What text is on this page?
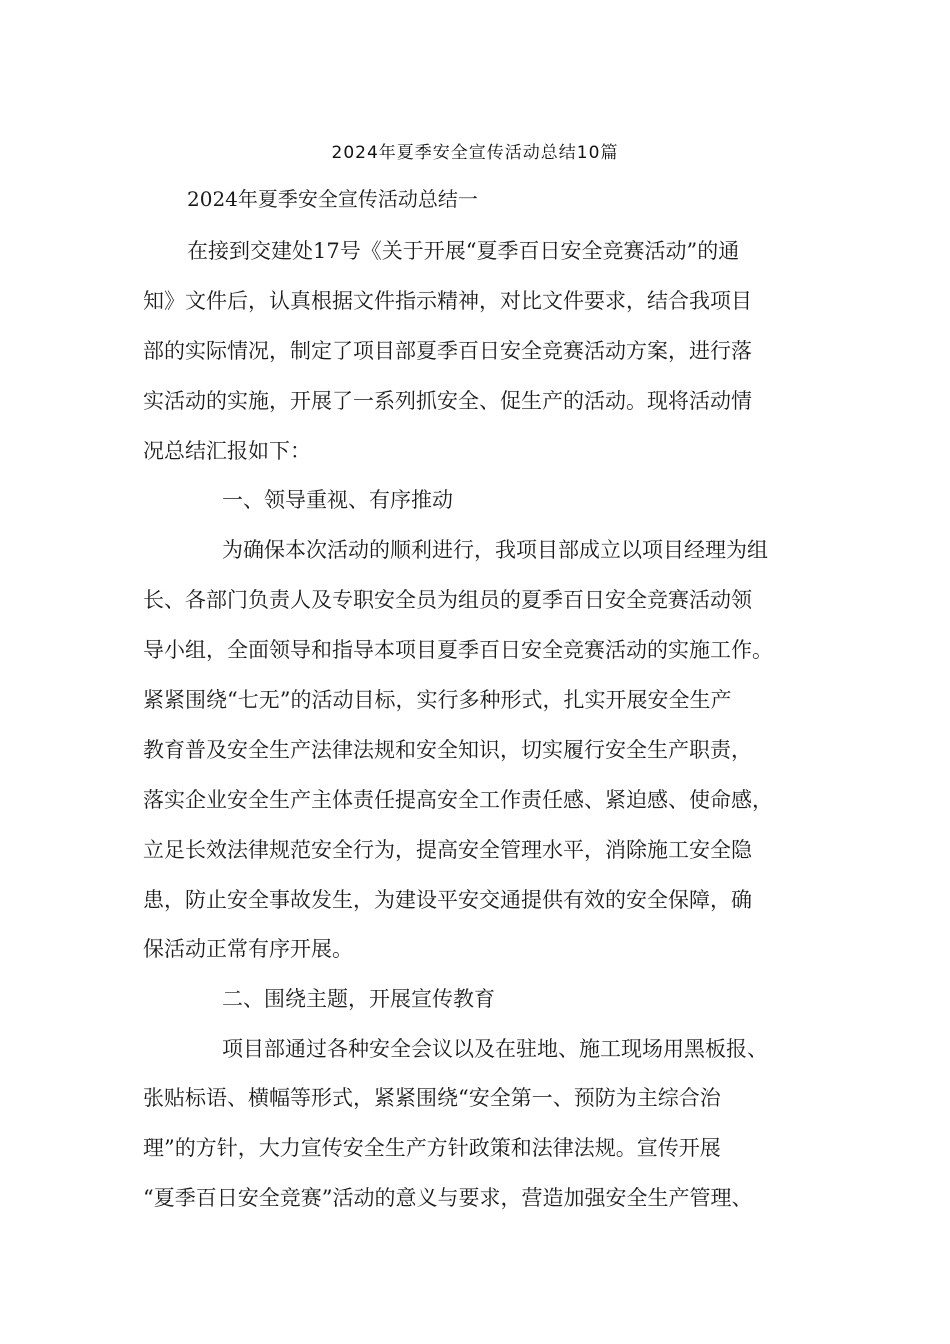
2024年夏季安全宣传活动总结10篇
2024年夏季安全宣传活动总结一
在接到交建处17号《关于开展“夏季百日安全竞赛活动”的通
知》文件后，认真根据文件指示精神，对比文件要求，结合我项目
部的实际情况，制定了项目部夏季百日安全竞赛活动方案，进行落
实活动的实施，开展了一系列抓安全、促生产的活动。现将活动情
况总结汇报如下：
一、领导重视、有序推动
为确保本次活动的顺利进行，我项目部成立以项目经理为组
长、各部门负责人及专职安全员为组员的夏季百日安全竞赛活动领
导小组，全面领导和指导本项目夏季百日安全竞赛活动的实施工作。
紧紧围绕“七无”的活动目标，实行多种形式，扎实开展安全生产
教育普及安全生产法律法规和安全知识，切实履行安全生产职责，
落实企业安全生产主体责任提高安全工作责任感、紧迫感、使命感，
立足长效法律规范安全行为，提高安全管理水平，消除施工安全隐
患，防止安全事故发生，为建设平安交通提供有效的安全保障，确
保活动正常有序开展。
二、围绕主题，开展宣传教育
项目部通过各种安全会议以及在驻地、施工现场用黑板报、
张贴标语、横幅等形式，紧紧围绕“安全第一、预防为主综合治
理”的方针，大力宣传安全生产方针政策和法律法规。宣传开展
“夏季百日安全竞赛”活动的意义与要求，营造加强安全生产管理、
